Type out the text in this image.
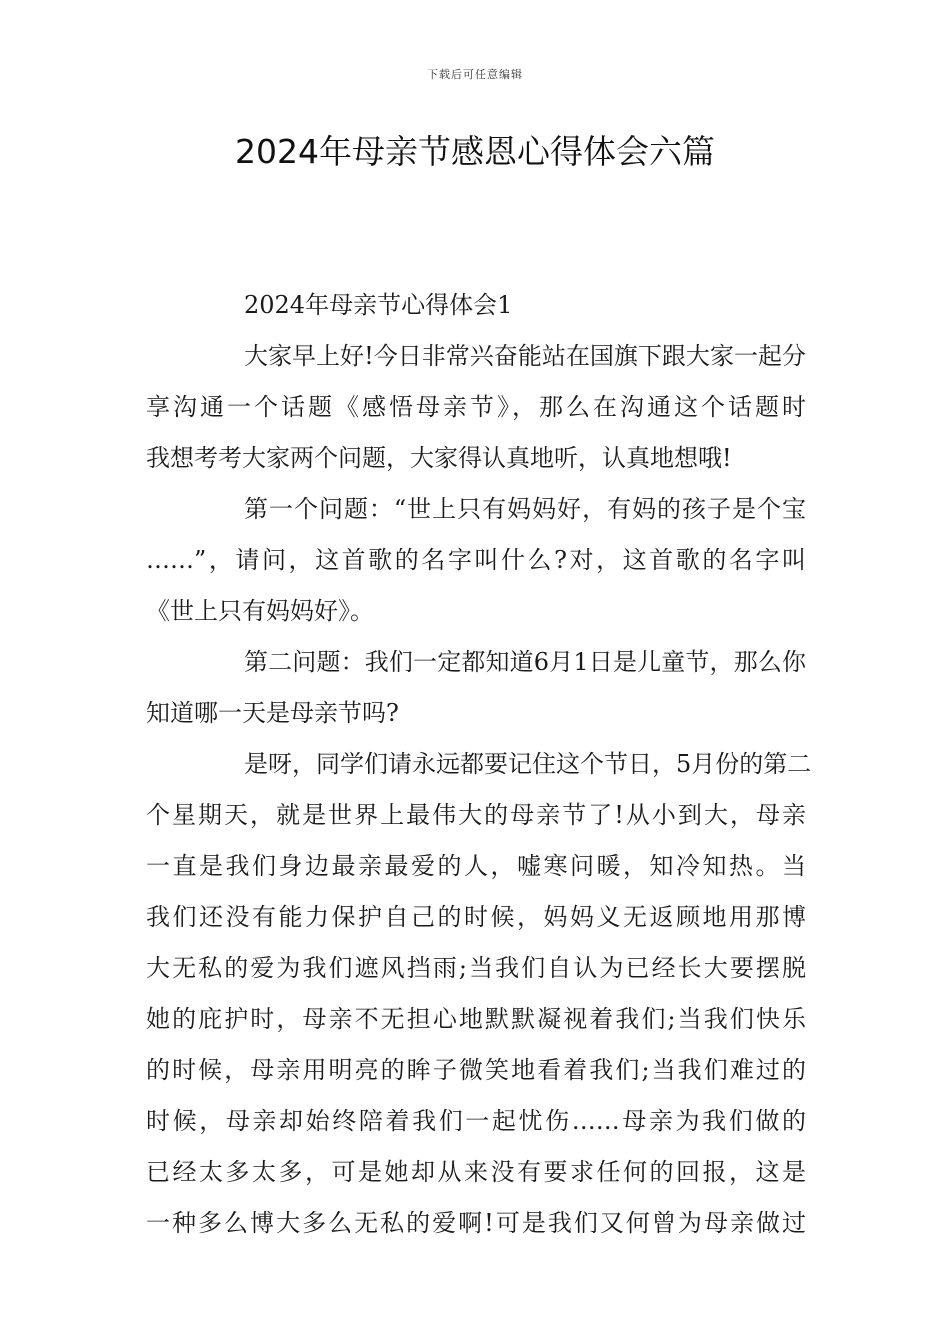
下载后可任意编辑
2024年母亲节感恩心得体会六篇
2024年母亲节心得体会1
大家早上好!今日非常兴奋能站在国旗下跟大家一起分
享沟通一个话题《感悟母亲节》，那么在沟通这个话题时
我想考考大家两个问题，大家得认真地听，认真地想哦!
第一个问题：“世上只有妈妈好，有妈的孩子是个宝
……”，请问，这首歌的名字叫什么?对，这首歌的名字叫
《世上只有妈妈好》。
第二问题：我们一定都知道6月1日是儿童节，那么你
知道哪一天是母亲节吗?
是呀，同学们请永远都要记住这个节日，5月份的第二
个星期天，就是世界上最伟大的母亲节了!从小到大，母亲
一直是我们身边最亲最爱的人，嘘寒问暖，知冷知热。当
我们还没有能力保护自己的时候，妈妈义无返顾地用那博
大无私的爱为我们遮风挡雨;当我们自认为已经长大要摆脱
她的庇护时，母亲不无担心地默默凝视着我们;当我们快乐
的时候，母亲用明亮的眸子微笑地看着我们;当我们难过的
时候，母亲却始终陪着我们一起忧伤……母亲为我们做的
已经太多太多，可是她却从来没有要求任何的回报，这是
一种多么博大多么无私的爱啊!可是我们又何曾为母亲做过
